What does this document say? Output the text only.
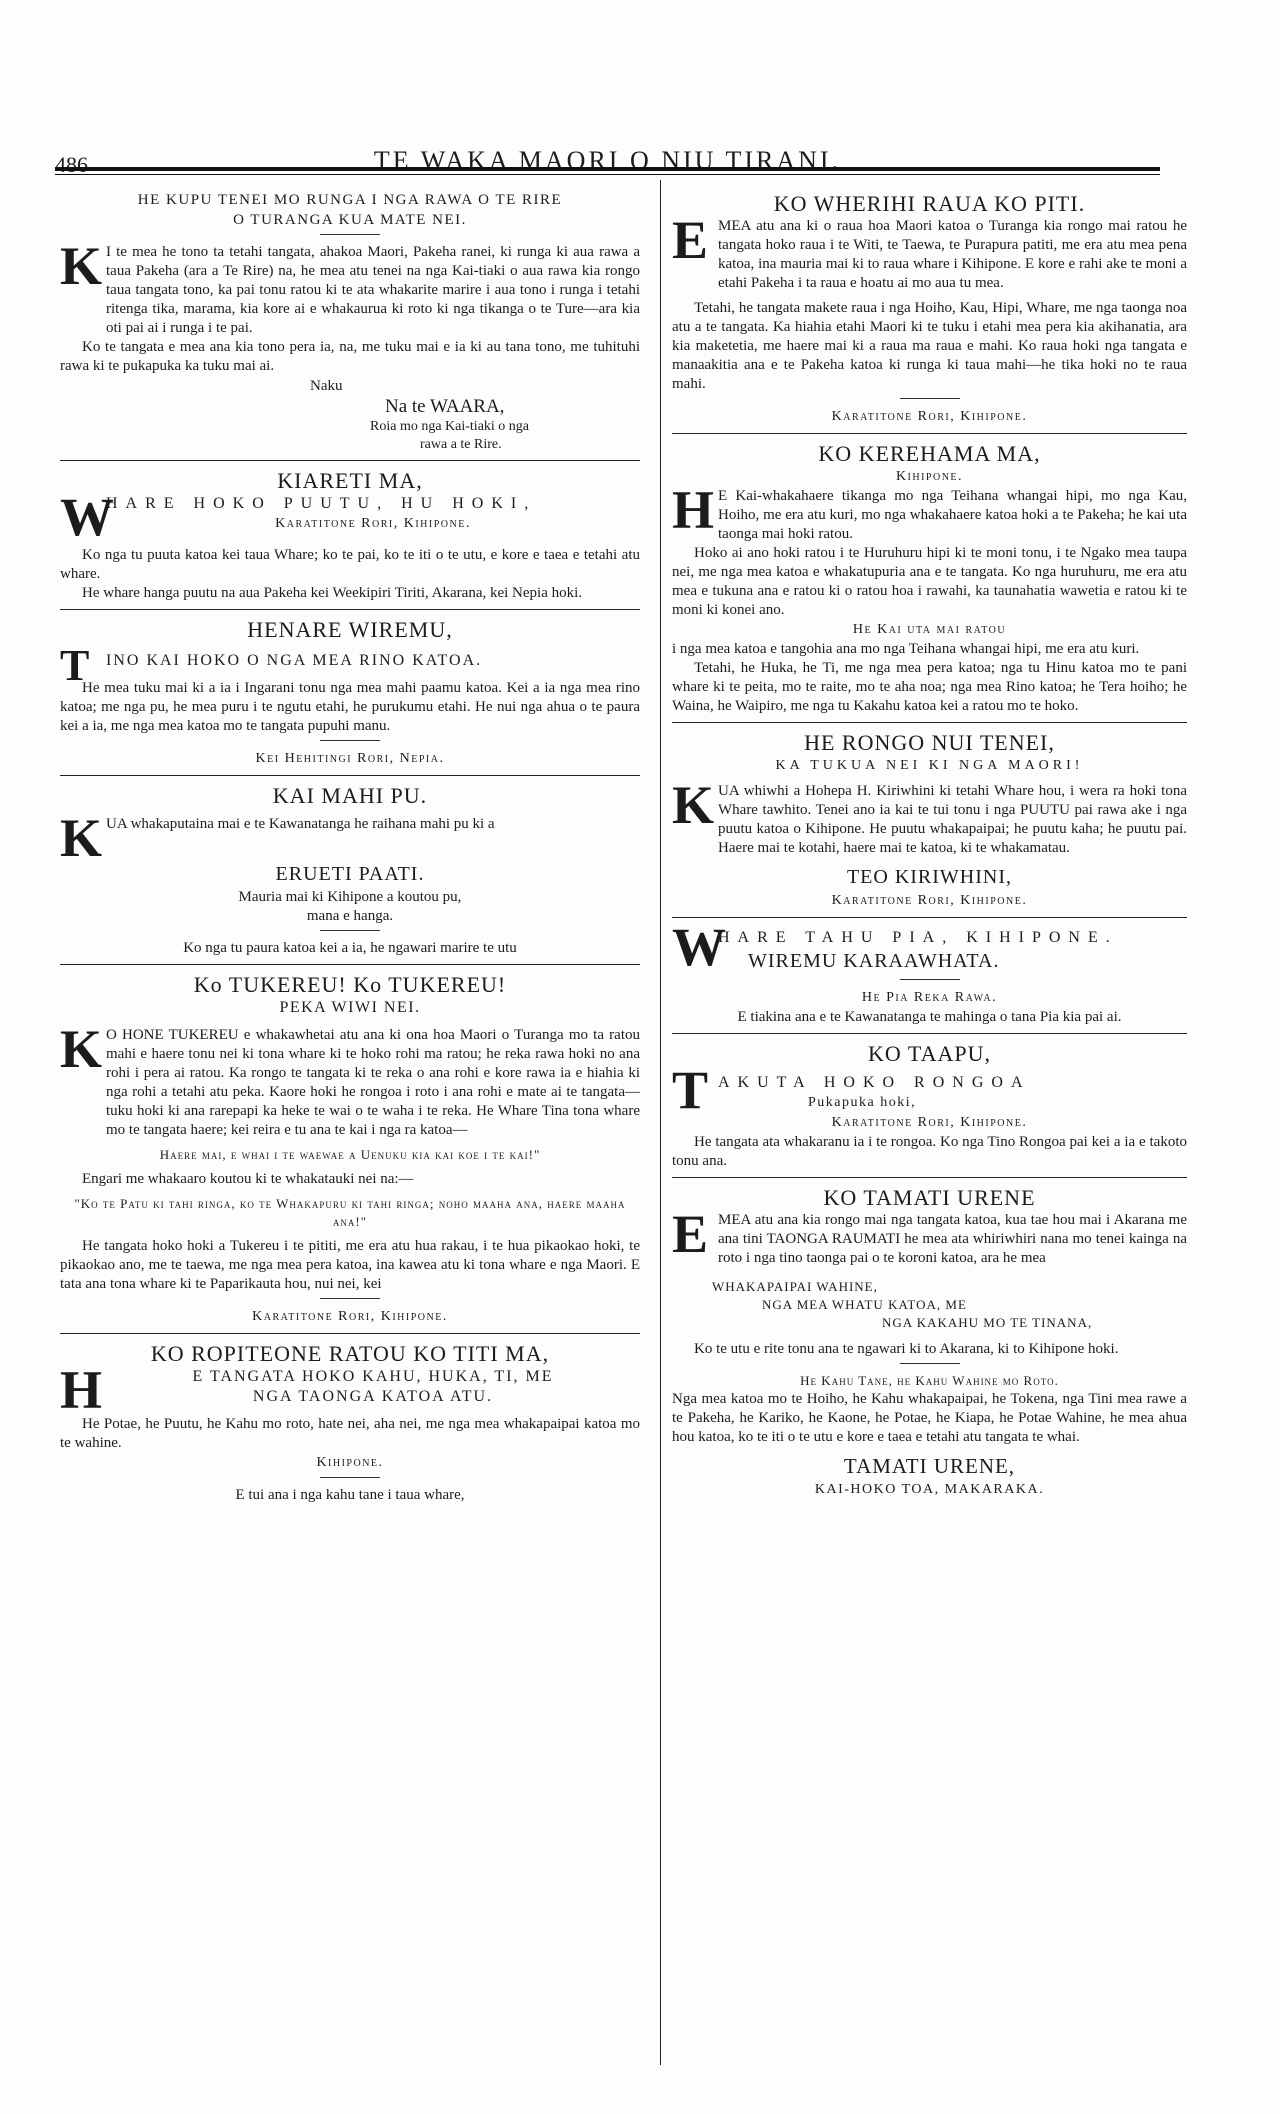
486	TE WAKA MAORI O NIU TIRANI.
HE KUPU TENEI MO RUNGA I NGA RAWA O TE RIRE
O TURANGA KUA MATE NEI.
K I te mea he tono ta tetahi tangata, ahakoa Maori, Pakeha ranei, ki runga ki aua rawa a taua Pakeha (ara a Te Rire) na, he mea atu tenei na nga Kai-tiaki o aua rawa kia rongo taua tangata tono, ka pai tonu ratou ki te ata whakarite marire i aua tono i runga i tetahi ritenga tika, marama, kia kore ai e whakauruа ki roto ki nga tikanga o te Ture—ara kia oti pai ai i runga i te pai.

Ko te tangata e mea ana kia tono pera ia, na, me tuku mai e ia ki au tana tono, me tuhituhi rawa ki te pukapuka ka tuku mai ai.

Naku
Na te WAARA,
Roia mo nga Kai-tiaki o nga
rawa a te Rire.
KIARETI MA,
W
HARE HOKO PUUTU, HU HOKI,
Karatitone Rori, Kihipone.

Ko nga tu puuta katoa kei taua Whare; ko te pai, ko te iti o te utu, e kore e taea e tetahi atu whare.

He whare hanga puutu na aua Pakeha kei Weekipiri Tiriti, Akarana, kei Nepia hoki.

HENARE WIREMU,
T INO KAI HOKO O NGA MEA RINO KATOA.

He mea tuku mai ki a ia i Ingarani tonu nga mea mahi paamu katoa. Kei a ia nga mea rino katoa; me nga pu, he mea puru i te ngutu etahi, he purukumu etahi. He nui nga ahua o te paura kei a ia, me nga mea katoa mo te tangata pupuhi manu.

Kei Hehitingi Rori, Nepia.
KAI MAHI PU.
K UA whakaputaina mai e te Kawanatanga he raihana mahi pu ki a

ERUETI PAATI.

Mauria mai ki Kihipone a koutou pu,

mana e hanga.

Ko nga tu paura katoa kei a ia, he ngawari marire te utu

Ko TUKEREU! Ko TUKEREU!
PEKA WIWI NEI.
K O HONE TUKEREU e whakawhetai atu ana ki ona hoa Maori o Turanga mo ta ratou mahi e haere tonu nei ki tona whare ki te hoko rohi ma ratou; he reka rawa hoki no ana rohi i pera ai ratou. Ka rongo te tangata ki te reka o ana rohi e kore rawa ia e hiahia ki nga rohi a tetahi atu peka. Kaore hoki he rongoa i roto i ana rohi e mate ai te tangata—tuku hoki ki ana rarepapi ka heke te wai o te waha i te reka. He Whare Tina tona whare mo te tangata haere; kei reira e tu ana te kai i nga ra katoa—

Haere mai, e whai i te waewae a Uenuku kia kai koe i te kai!"

Engari me whakaaro koutou ki te whakatauki nei na:—

"Ko te Patu ki tahi ringa, ko te Whakapuru ki tahi ringa; noho maaha ana, haere maaha ana!"

He tangata hoko hoki a Tukereu i te pititi, me era atu hua rakau, i te hua pikaokao hoki, te pikaokao ano, me te taewa, me nga mea pera katoa, ina kawea atu ki tona whare e nga Maori. E tata ana tona whare ki te Paparikauta hou, nui nei, kei

Karatitone Rori, Kihipone.
KO ROPITEONE RATOU KO TITI MA,
H	E TANGATA HOKO KAHU, HUKA, TI, ME
NGA TAONGA KATOA ATU.

He Potae, he Puutu, he Kahu mo roto, hate nei, aha nei, me nga mea whakapaipai katoa mo te wahine.

Kihipone.

E tui ana i nga kahu tane i taua whare,

KO WHERIHI RAUA KO PITI.
E MEA atu ana ki o raua hoa Maori katoa o Turanga kia rongo mai ratou he tangata hoko raua i te Witi, te Taewa, te Purapura patiti, me era atu mea pena katoa, ina mauria mai ki to raua whare i Kihipone. E kore e rahi ake te moni a etahi Pakeha i ta raua e hoatu ai mo aua tu mea.

Tetahi, he tangata makete raua i nga Hoiho, Kau, Hipi, Whare, me nga taonga noa atu a te tangata. Ka hiahia etahi Maori ki te tuku i etahi mea pera kia akihanatia, ara kia maketetia, me haere mai ki a raua ma raua e mahi. Ko raua hoki nga tangata e manaakitia ana e te Pakeha katoa ki runga ki taua mahi—he tika hoki no te raua mahi.

Karatitone Rori, Kihipone.
KO KEREHAMA MA,
Kihipone.
H E Kai-whakahaere tikanga mo nga Teihana whangai hipi, mo nga Kau, Hoiho, me era atu kuri, mo nga whakahaere katoa hoki a te Pakeha; he kai uta taonga mai hoki ratou.

Hoko ai ano hoki ratou i te Huruhuru hipi ki te moni tonu, i te Ngako mea taupa nei, me nga mea katoa e whakatupuria ana e te tangata. Ko nga huruhuru, me era atu mea e tukuna ana e ratou ki o ratou hoa i rawahi, ka taunahatia wawetia e ratou ki te moni ki konei ano.

He Kai uta mai ratou

i nga mea katoa e tangohia ana mo nga Teihana whangai hipi, me era atu kuri.

Tetahi, he Huka, he Ti, me nga mea pera katoa; nga tu Hinu katoa mo te pani whare ki te peita, mo te raite, mo te aha noa; nga mea Rino katoa; he Tera hoiho; he Waina, he Waipiro, me nga tu Kakahu katoa kei a ratou mo te hoko.

HE RONGO NUI TENEI,
KA TUKUA NEI KI NGA MAORI!
K UA whiwhi a Hohepa H. Kiriwhini ki tetahi Whare hou, i wera ra hoki tona Whare tawhito. Tenei ano ia kai te tui tonu i nga PUUTU pai rawa ake i nga puutu katoa o Kihipone. He puutu whakapaipai; he puutu kaha; he puutu pai. Haere mai te kotahi, haere mai te katoa, ki te whakamatau.

TEO KIRIWHINI,
Karatitone Rori, Kihipone.
W
HARE TAHU PIA, KIHIPONE.
WIREMU KARAAWHATA.
He Pia Reka Rawa.

E tiakina ana e te Kawanatanga te mahinga o tana Pia kia pai ai.

KO TAAPU,
T AKUTA HOKO RONGOA
Pukapuka hoki,
Karatitone Rori, Kihipone.

He tangata ata whakaranu ia i te rongoa. Ko nga Tino Rongoa pai kei a ia e takoto tonu ana.

KO TAMATI URENE
E MEA atu ana kia rongo mai nga tangata katoa, kua tae hou mai i Akarana me ana tini TAONGA RAUMATI he mea ata whiriwhiri nana mo tenei kainga na roto i nga tino taonga pai o te koroni katoa, ara he mea

WHAKAPAIPAI WAHINE,
NGA MEA WHATU KATOA, ME
NGA KAKAHU MO TE TINANA,

Ko te utu e rite tonu ana te ngawari ki to Akarana, ki to Kihipone hoki.

He Kahu Tane, he Kahu Wahine mo Roto.

Nga mea katoa mo te Hoiho, he Kahu whakapaipai, he Tokena, nga Tini mea rawe a te Pakeha, he Kariko, he Kaone, he Potae, he Kiapa, he Potae Wahine, he mea ahua hou katoa, ko te iti o te utu e kore e taea e tetahi atu tangata te whai.

TAMATI URENE,
KAI-HOKO TOA, MAKARAKA.
